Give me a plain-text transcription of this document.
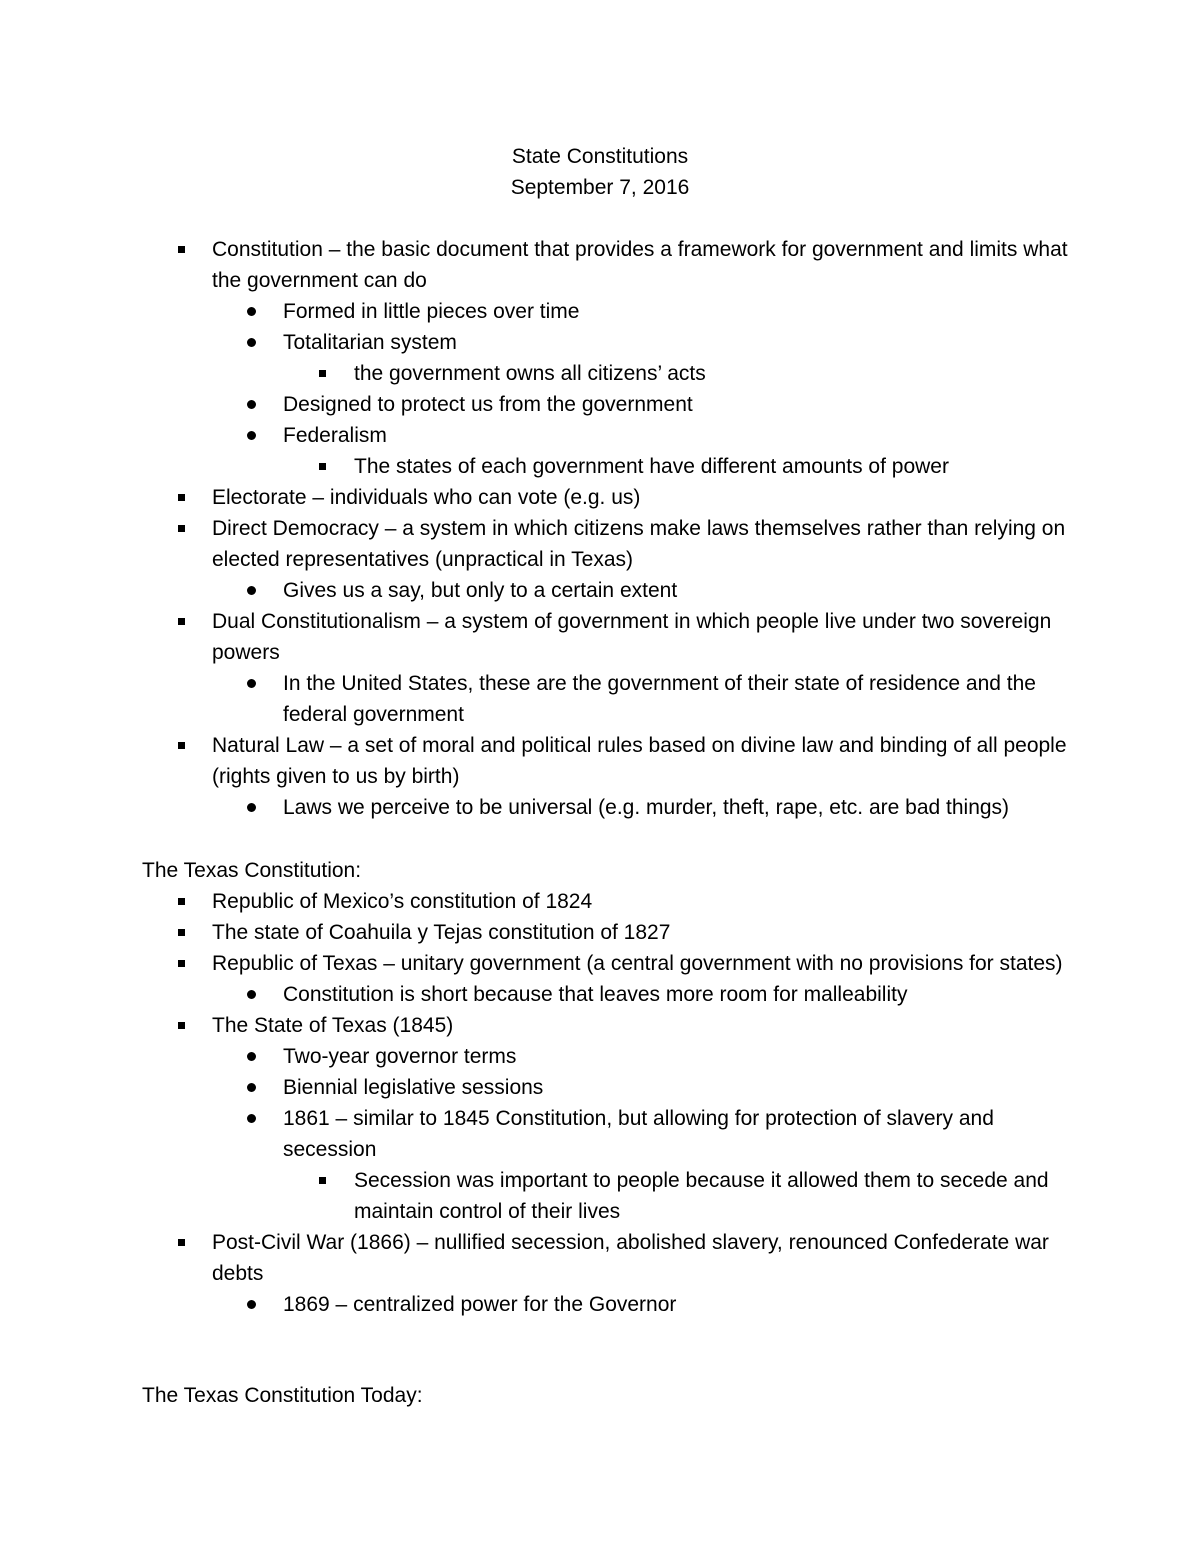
State Constitutions
September 7, 2016
Constitution – the basic document that provides a framework for government and limits what the government can do
Formed in little pieces over time
Totalitarian system
the government owns all citizens’ acts
Designed to protect us from the government
Federalism
The states of each government have different amounts of power
Electorate – individuals who can vote (e.g. us)
Direct Democracy – a system in which citizens make laws themselves rather than relying on elected representatives (unpractical in Texas)
Gives us a say, but only to a certain extent
Dual Constitutionalism – a system of government in which people live under two sovereign powers
In the United States, these are the government of their state of residence and the federal government
Natural Law – a set of moral and political rules based on divine law and binding of all people (rights given to us by birth)
Laws we perceive to be universal (e.g. murder, theft, rape, etc. are bad things)
The Texas Constitution:
Republic of Mexico’s constitution of 1824
The state of Coahuila y Tejas constitution of 1827
Republic of Texas – unitary government (a central government with no provisions for states)
Constitution is short because that leaves more room for malleability
The State of Texas (1845)
Two-year governor terms
Biennial legislative sessions
1861 – similar to 1845 Constitution, but allowing for protection of slavery and secession
Secession was important to people because it allowed them to secede and maintain control of their lives
Post-Civil War (1866) – nullified secession, abolished slavery, renounced Confederate war debts
1869 – centralized power for the Governor
The Texas Constitution Today:
